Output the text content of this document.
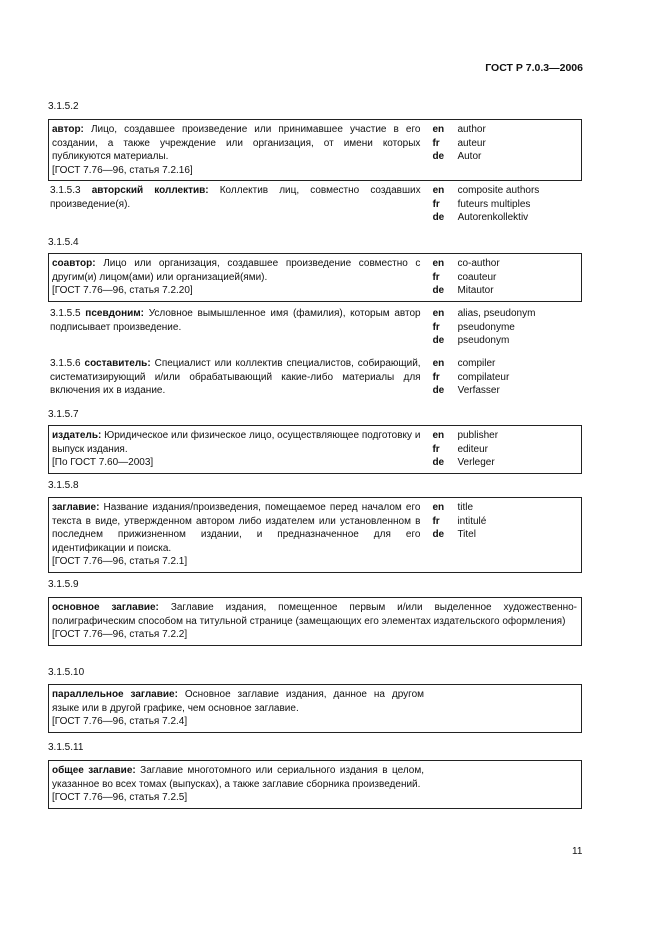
ГОСТ Р 7.0.3—2006
3.1.5.2
автор: Лицо, создавшее произведение или принимавшее участие в его создании, а также учреждение или организация, от имени которых публикуются материалы.
[ГОСТ 7.76—96, статья 7.2.16]
en	author
fr	auteur
de	Autor
3.1.5.3 авторский коллектив: Коллектив лиц, совместно создавших произведение(я).
en	composite authors
fr	futeurs multiples
de	Autorenkollektiv
3.1.5.4
соавтор: Лицо или организация, создавшее произведение совместно с другим(и) лицом(ами) или организацией(ями).
[ГОСТ 7.76—96, статья 7.2.20]
en	co-author
fr	coauteur
de	Mitautor
3.1.5.5 псевдоним: Условное вымышленное имя (фамилия), которым автор подписывает произведение.
en	alias, pseudonym
fr	pseudonyme
de	pseudonym
3.1.5.6 составитель: Специалист или коллектив специалистов, собирающий, систематизирующий и/или обрабатывающий какие-либо материалы для включения их в издание.
en	compiler
fr	compilateur
de	Verfasser
3.1.5.7
издатель: Юридическое или физическое лицо, осуществляющее подготовку и выпуск издания.
[По ГОСТ 7.60—2003]
en	publisher
fr	editeur
de	Verleger
3.1.5.8
заглавие: Название издания/произведения, помещаемое перед началом его текста в виде, утвержденном автором либо издателем или установленном в последнем прижизненном издании, и предназначенное для его идентификации и поиска.
[ГОСТ 7.76—96, статья 7.2.1]
en	title
fr	intitulé
de	Titel
3.1.5.9
основное заглавие: Заглавие издания, помещенное первым и/или выделенное художественно-полиграфическим способом на титульной странице (замещающих его элементах издательского оформления)
[ГОСТ 7.76—96, статья 7.2.2]
3.1.5.10
параллельное заглавие: Основное заглавие издания, данное на другом языке или в другой графике, чем основное заглавие.
[ГОСТ 7.76—96, статья 7.2.4]
3.1.5.11
общее заглавие: Заглавие многотомного или сериального издания в целом, указанное во всех томах (выпусках), а также заглавие сборника произведений.
[ГОСТ 7.76—96, статья 7.2.5]
11
